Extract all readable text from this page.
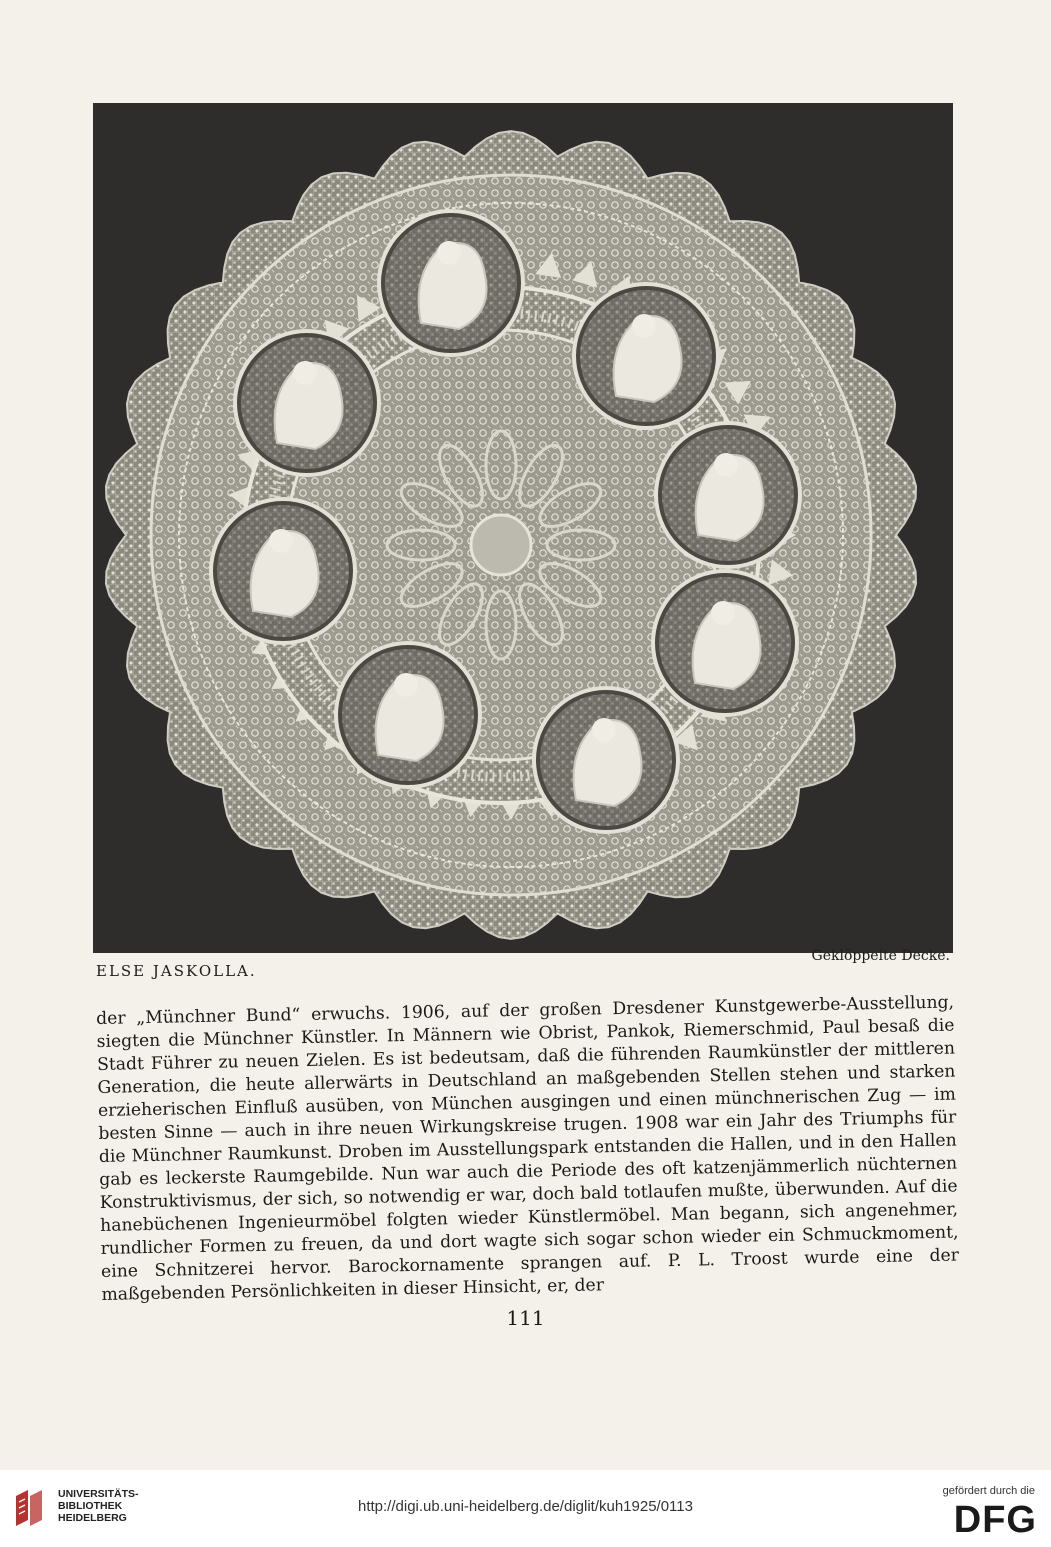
ELSE JASKOLLA.
Geklöppelte Decke.

der „Münchner Bund“ erwuchs. 1906, auf der großen Dresdener Kunstgewerbe-Ausstellung, siegten die Münchner Künstler. In Männern wie Obrist, Pankok, Riemerschmid, Paul besaß die Stadt Führer zu neuen Zielen. Es ist bedeutsam, daß die führenden Raumkünstler der mittleren Generation, die heute allerwärts in Deutschland an maßgebenden Stellen stehen und starken erzieherischen Einfluß ausüben, von München ausgingen und einen münchnerischen Zug — im besten Sinne — auch in ihre neuen Wirkungskreise trugen. 1908 war ein Jahr des Triumphs für die Münchner Raumkunst. Droben im Ausstellungspark entstanden die Hallen, und in den Hallen gab es leckerste Raumgebilde. Nun war auch die Periode des oft katzenjämmerlich nüchternen Konstruktivismus, der sich, so notwendig er war, doch bald totlaufen mußte, überwunden. Auf die hanebüchenen Ingenieurmöbel folgten wieder Künstlermöbel. Man begann, sich angenehmer, rundlicher Formen zu freuen, da und dort wagte sich sogar schon wieder ein Schmuckmoment, eine Schnitzerei hervor. Barockornamente sprangen auf. P. L. Troost wurde eine der maßgebenden Persönlichkeiten in dieser Hinsicht, er, der

111
UNIVERSITÄTS-
BIBLIOTHEK
HEIDELBERG
http://digi.ub.uni-heidelberg.de/diglit/kuh1925/0113
gefördert durch die
DFG
